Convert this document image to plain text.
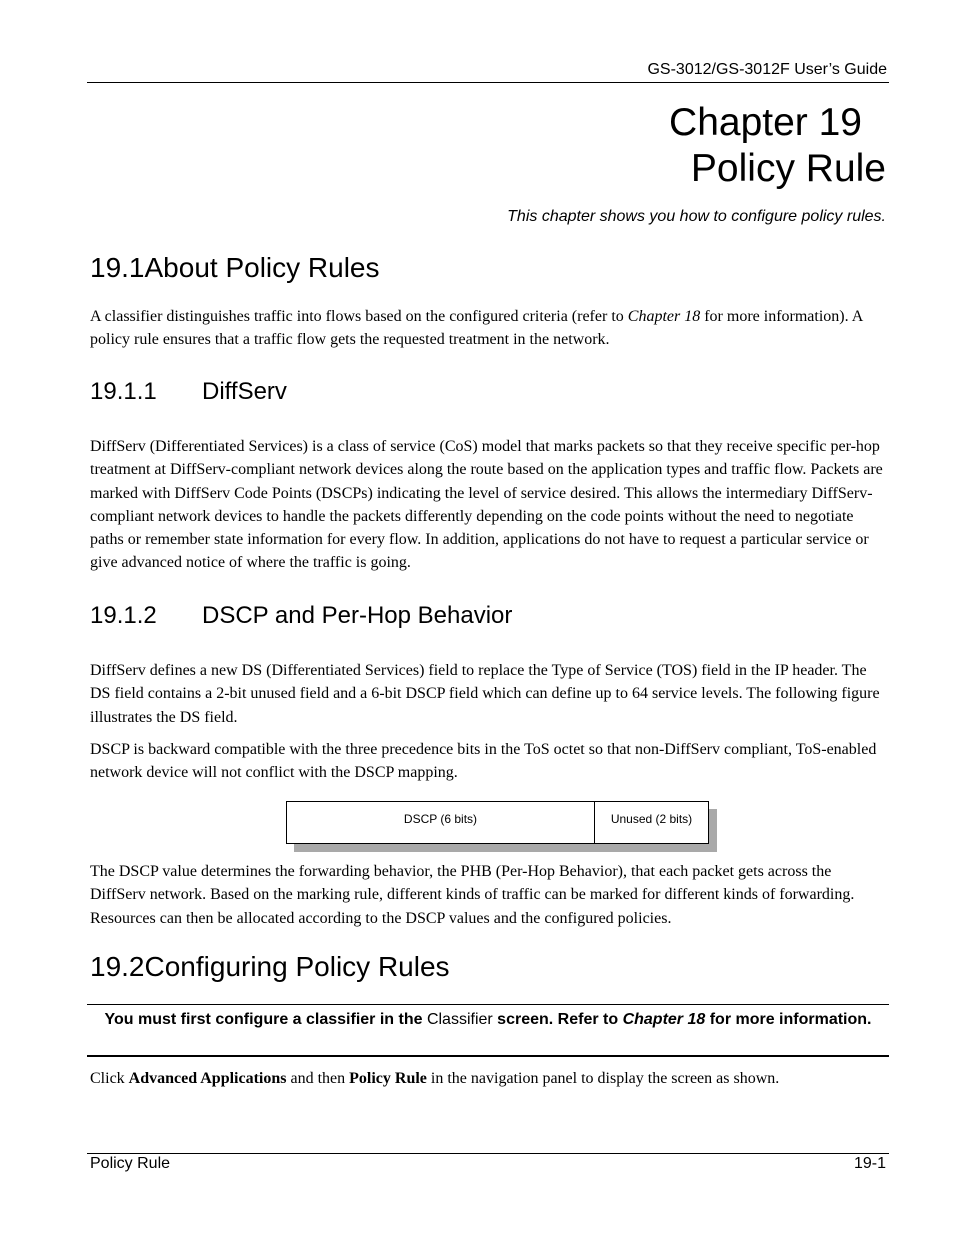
GS-3012/GS-3012F User’s Guide
Chapter 19
Policy Rule
This chapter shows you how to configure policy rules.
19.1About Policy Rules

A classifier distinguishes traffic into flows based on the configured criteria (refer to Chapter 18 for more information). A policy rule ensures that a traffic flow gets the requested treatment in the network.

19.1.1 DiffServ

DiffServ (Differentiated Services) is a class of service (CoS) model that marks packets so that they receive specific per-hop treatment at DiffServ-compliant network devices along the route based on the application types and traffic flow. Packets are marked with DiffServ Code Points (DSCPs) indicating the level of service desired. This allows the intermediary DiffServ-compliant network devices to handle the packets differently depending on the code points without the need to negotiate paths or remember state information for every flow. In addition, applications do not have to request a particular service or give advanced notice of where the traffic is going.

19.1.2 DSCP and Per-Hop Behavior

DiffServ defines a new DS (Differentiated Services) field to replace the Type of Service (TOS) field in the IP header. The DS field contains a 2-bit unused field and a 6-bit DSCP field which can define up to 64 service levels. The following figure illustrates the DS field.

DSCP is backward compatible with the three precedence bits in the ToS octet so that non-DiffServ compliant, ToS-enabled network device will not conflict with the DSCP mapping.

DSCP (6 bits)	Unused (2 bits)

The DSCP value determines the forwarding behavior, the PHB (Per-Hop Behavior), that each packet gets across the DiffServ network. Based on the marking rule, different kinds of traffic can be marked for different kinds of forwarding. Resources can then be allocated according to the DSCP values and the configured policies.

19.2Configuring Policy Rules
You must first configure a classifier in the Classifier screen. Refer to Chapter 18 for more information.

Click Advanced Applications and then Policy Rule in the navigation panel to display the screen as shown.

Policy Rule	19-1
